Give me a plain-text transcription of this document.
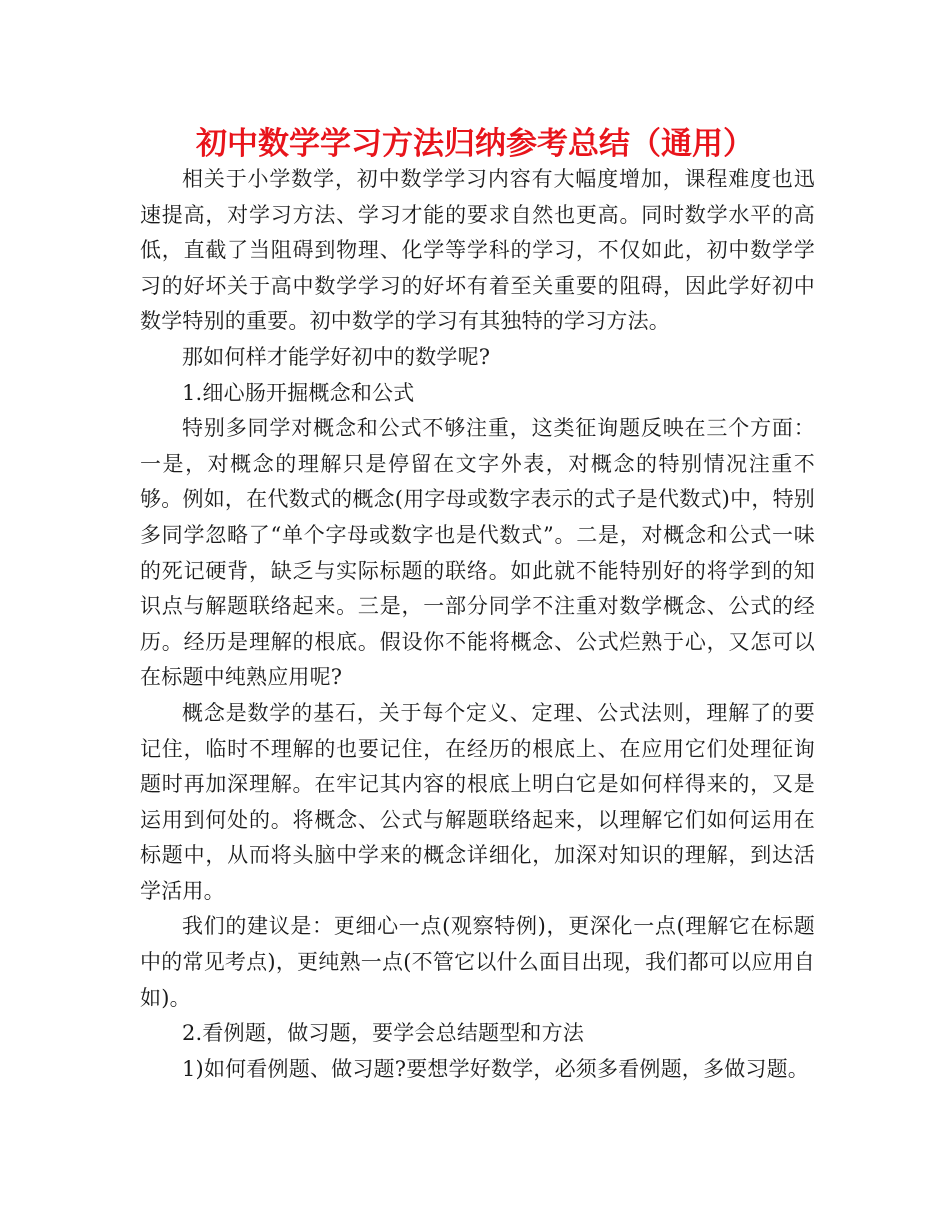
初中数学学习方法归纳参考总结（通用）

相关于小学数学，初中数学学习内容有大幅度增加，课程难度也迅速提高，对学习方法、学习才能的要求自然也更高。同时数学水平的高低，直截了当阻碍到物理、化学等学科的学习，不仅如此，初中数学学习的好坏关于高中数学学习的好坏有着至关重要的阻碍，因此学好初中数学特别的重要。初中数学的学习有其独特的学习方法。

那如何样才能学好初中的数学呢?

1.细心肠开掘概念和公式

特别多同学对概念和公式不够注重，这类征询题反映在三个方面：一是，对概念的理解只是停留在文字外表，对概念的特别情况注重不够。例如，在代数式的概念(用字母或数字表示的式子是代数式)中，特别多同学忽略了“单个字母或数字也是代数式”。二是，对概念和公式一味的死记硬背，缺乏与实际标题的联络。如此就不能特别好的将学到的知识点与解题联络起来。三是，一部分同学不注重对数学概念、公式的经历。经历是理解的根底。假设你不能将概念、公式烂熟于心，又怎可以在标题中纯熟应用呢?

概念是数学的基石，关于每个定义、定理、公式法则，理解了的要记住，临时不理解的也要记住，在经历的根底上、在应用它们处理征询题时再加深理解。在牢记其内容的根底上明白它是如何样得来的，又是运用到何处的。将概念、公式与解题联络起来，以理解它们如何运用在标题中，从而将头脑中学来的概念详细化，加深对知识的理解，到达活学活用。

我们的建议是：更细心一点(观察特例)，更深化一点(理解它在标题中的常见考点)，更纯熟一点(不管它以什么面目出现，我们都可以应用自如)。

2.看例题，做习题，要学会总结题型和方法

1)如何看例题、做习题?要想学好数学，必须多看例题，多做习题。
